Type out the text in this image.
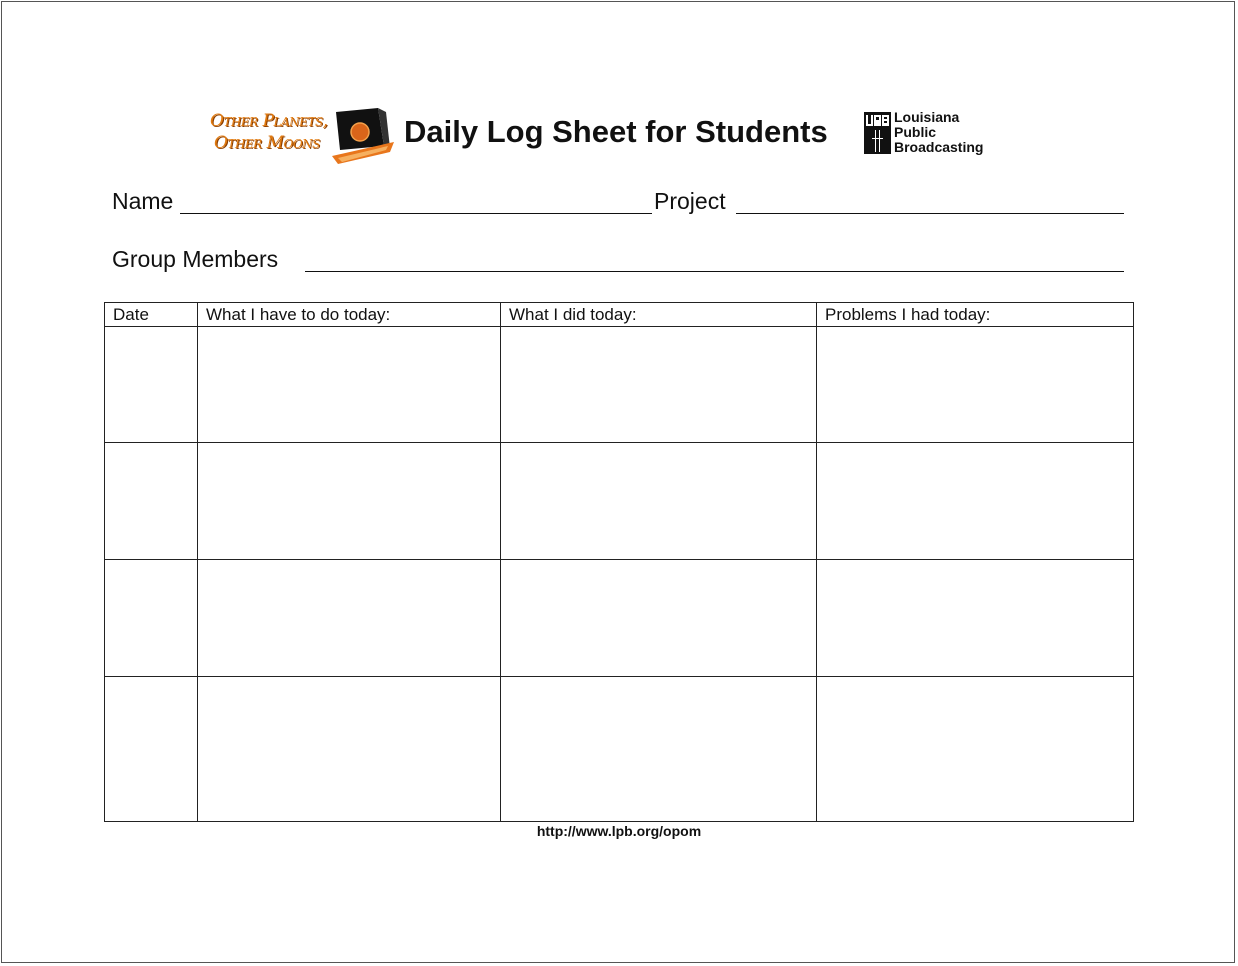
Other Planets,
Other Moons	Daily Log Sheet for Students	Louisiana
Public
Broadcasting
Name	Project
Group Members
Date	What I have to do today:	What I did today:	Problems I had today:
http://www.lpb.org/opom
